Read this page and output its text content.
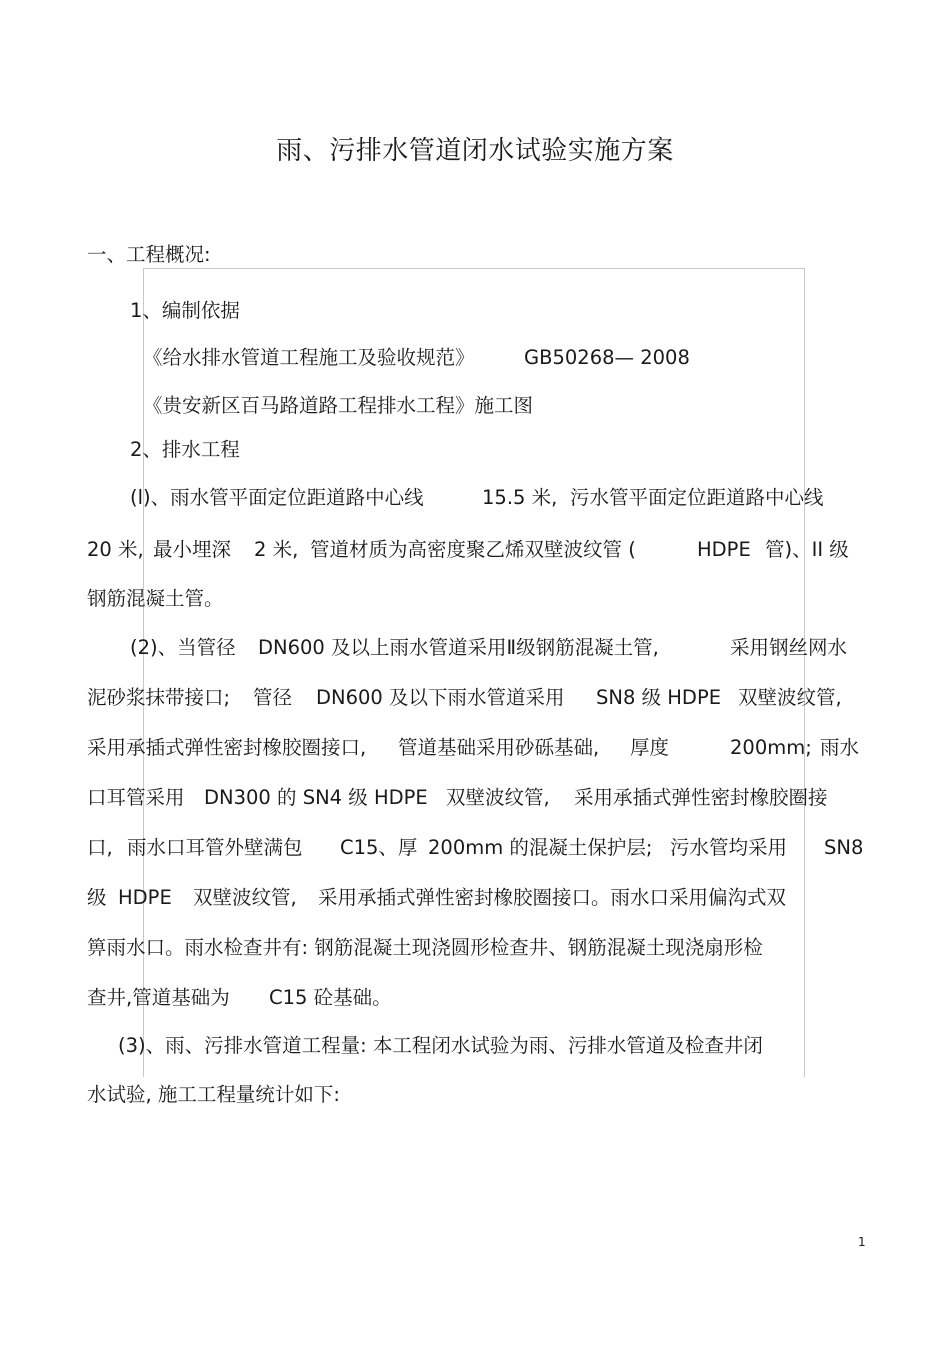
雨、污排水管道闭水试验实施方案
一、工程概况:
1、编制依据
《给水排水管道工程施工及验收规范》	GB50268— 2008
《贵安新区百马路道路工程排水工程》施工图
2、排水工程
(l)、雨水管平面定位距道路中心线	15.5 米, 污水管平面定位距道路中心线
20 米, 最小埋深 2 米, 管道材质为高密度聚乙烯双壁波纹管 (	HDPE 管)、II 级
钢筋混凝土管。
(2)、当管径 DN600 及以上雨水管道采用Ⅱ级钢筋混凝土管,	采用钢丝网水
泥砂浆抹带接口; 管径 DN600 及以下雨水管道采用 SN8 级 HDPE 双壁波纹管,
采用承插式弹性密封橡胶圈接口, 管道基础采用砂砾基础, 厚度	200mm; 雨水
口耳管采用 DN300 的 SN4 级 HDPE 双壁波纹管, 采用承插式弹性密封橡胶圈接
口, 雨水口耳管外壁满包 C15、厚 200mm 的混凝土保护层; 污水管均采用 SN8
级 HDPE 双壁波纹管, 采用承插式弹性密封橡胶圈接口。雨水口采用偏沟式双
箅雨水口。雨水检查井有: 钢筋混凝土现浇圆形检查井、钢筋混凝土现浇扇形检
查井,管道基础为 C15 砼基础。
(3)、雨、污排水管道工程量: 本工程闭水试验为雨、污排水管道及检查井闭
水试验, 施工工程量统计如下:
1
